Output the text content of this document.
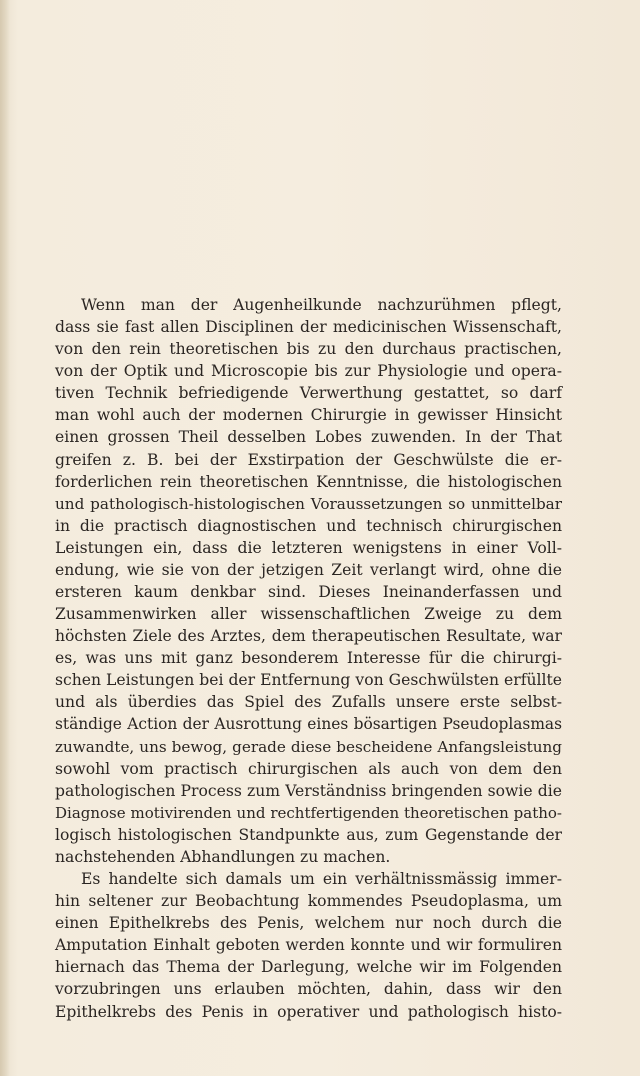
Wenn man der Augenheilkunde nachzurühmen pflegt,
dass sie fast allen Disciplinen der medicinischen Wissenschaft,
von den rein theoretischen bis zu den durchaus practischen,
von der Optik und Microscopie bis zur Physiologie und opera-
tiven Technik befriedigende Verwerthung gestattet, so darf
man wohl auch der modernen Chirurgie in gewisser Hinsicht
einen grossen Theil desselben Lobes zuwenden. In der That
greifen z. B. bei der Exstirpation der Geschwülste die er-
forderlichen rein theoretischen Kenntnisse, die histologischen
und pathologisch-histologischen Voraussetzungen so unmittelbar
in die practisch diagnostischen und technisch chirurgischen
Leistungen ein, dass die letzteren wenigstens in einer Voll-
endung, wie sie von der jetzigen Zeit verlangt wird, ohne die
ersteren kaum denkbar sind. Dieses Ineinanderfassen und
Zusammenwirken aller wissenschaftlichen Zweige zu dem
höchsten Ziele des Arztes, dem therapeutischen Resultate, war
es, was uns mit ganz besonderem Interesse für die chirurgi-
schen Leistungen bei der Entfernung von Geschwülsten erfüllte
und als überdies das Spiel des Zufalls unsere erste selbst-
ständige Action der Ausrottung eines bösartigen Pseudoplasmas
zuwandte, uns bewog, gerade diese bescheidene Anfangsleistung
sowohl vom practisch chirurgischen als auch von dem den
pathologischen Process zum Verständniss bringenden sowie die
Diagnose motivirenden und rechtfertigenden theoretischen patho-
logisch histologischen Standpunkte aus, zum Gegenstande der
nachstehenden Abhandlungen zu machen.
Es handelte sich damals um ein verhältnissmässig immer-
hin seltener zur Beobachtung kommendes Pseudoplasma, um
einen Epithelkrebs des Penis, welchem nur noch durch die
Amputation Einhalt geboten werden konnte und wir formuliren
hiernach das Thema der Darlegung, welche wir im Folgenden
vorzubringen uns erlauben möchten, dahin, dass wir den
Epithelkrebs des Penis in operativer und pathologisch histo-
